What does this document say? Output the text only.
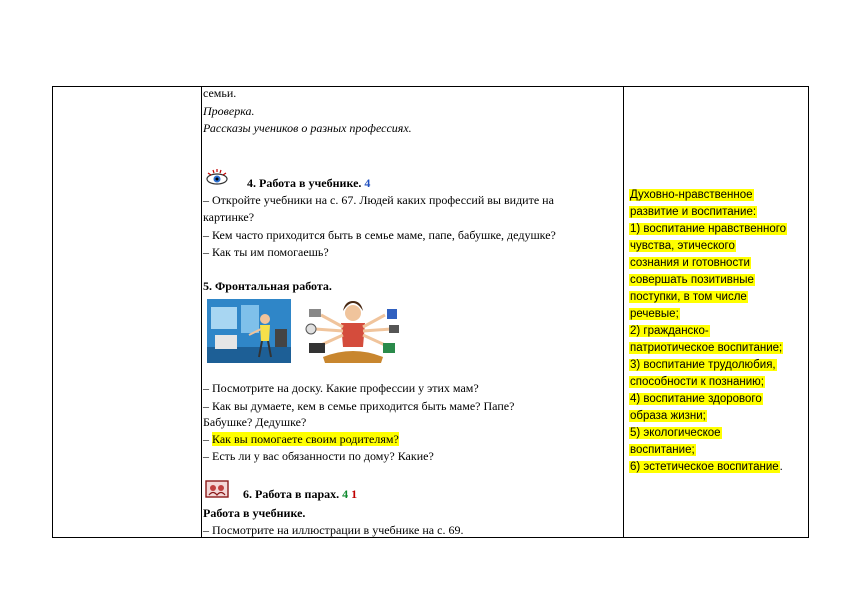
семьи.
Проверка.
Рассказы учеников о разных профессиях.
4. Работа в учебнике. 4
– Откройте учебники на с. 67. Людей каких профессий вы видите на
картинке?
– Кем часто приходится быть в семье маме, папе, бабушке, дедушке?
– Как ты им помогаешь?
5. Фронтальная работа.
– Посмотрите на доску. Какие профессии у этих мам?
– Как вы думаете, кем в семье приходится быть маме? Папе?
Бабушке? Дедушке?
– Как вы помогаете своим родителям?
– Есть ли у вас обязанности по дому? Какие?
6. Работа в парах. 4 1
Работа в учебнике.
– Посмотрите на иллюстрации в учебнике на с. 69.
Духовно-нравственное
развитие и воспитание:
1) воспитание нравственного
чувства, этического
сознания и готовности
совершать позитивные
поступки, в том числе
речевые;
2) гражданско-
патриотическое воспитание;
3) воспитание трудолюбия,
способности к познанию;
4) воспитание здорового
образа жизни;
5) экологическое
воспитание;
6) эстетическое воспитание.
